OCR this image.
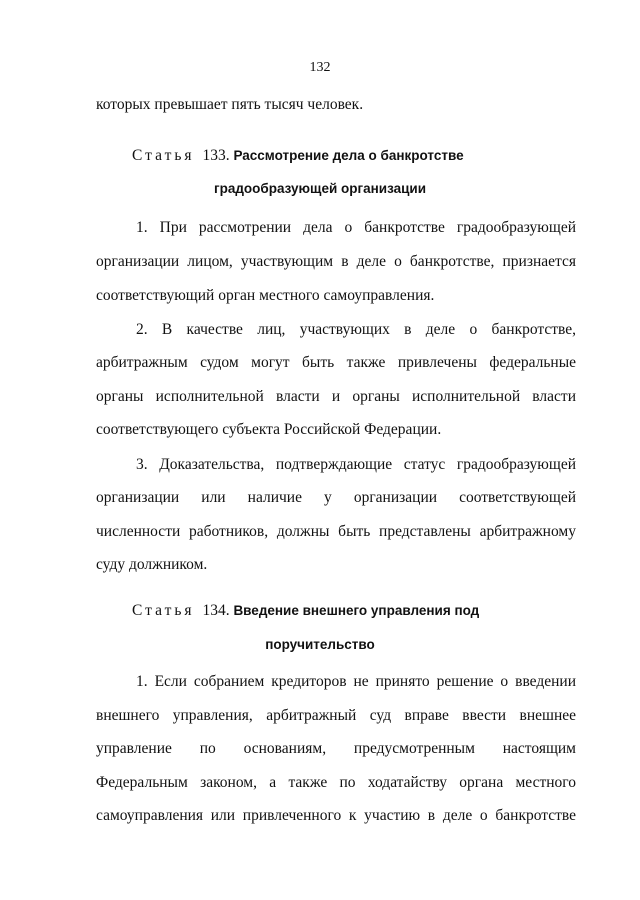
132
которых превышает пять тысяч человек.
Статья 133. Рассмотрение дела о банкротстве
градообразующей организации
1. При рассмотрении дела о банкротстве градообразующей
организации лицом, участвующим в деле о банкротстве, признается
соответствующий орган местного самоуправления.
2. В качестве лиц, участвующих в деле о банкротстве,
арбитражным судом могут быть также привлечены федеральные
органы исполнительной власти и органы исполнительной власти
соответствующего субъекта Российской Федерации.
3. Доказательства, подтверждающие статус градообразующей
организации или наличие у организации соответствующей
численности работников, должны быть представлены арбитражному
суду должником.
Статья 134. Введение внешнего управления под
поручительство
1. Если собранием кредиторов не принято решение о введении
внешнего управления, арбитражный суд вправе ввести внешнее
управление по основаниям, предусмотренным настоящим
Федеральным законом, а также по ходатайству органа местного
самоуправления или привлеченного к участию в деле о банкротстве
